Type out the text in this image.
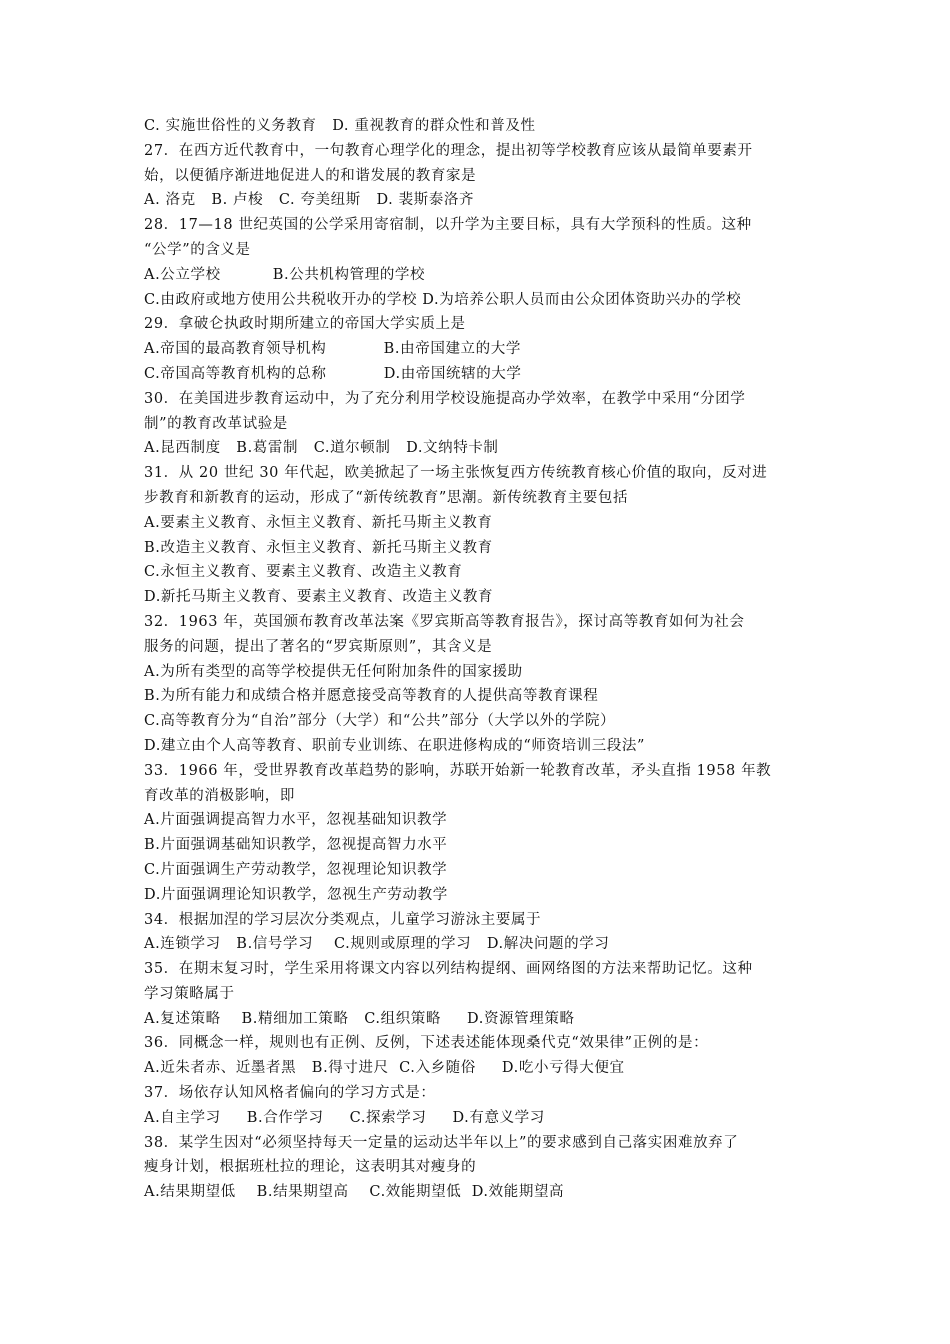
C. 实施世俗性的义务教育   D. 重视教育的群众性和普及性
27．在西方近代教育中，一句教育心理学化的理念，提出初等学校教育应该从最简单要素开
始，以便循序渐进地促进人的和谐发展的教育家是
A. 洛克   B. 卢梭   C. 夸美纽斯   D. 裴斯泰洛齐
28．17—18 世纪英国的公学采用寄宿制，以升学为主要目标，具有大学预科的性质。这种
“公学”的含义是
A.公立学校          B.公共机构管理的学校
C.由政府或地方使用公共税收开办的学校 D.为培养公职人员而由公众团体资助兴办的学校
29．拿破仑执政时期所建立的帝国大学实质上是
A.帝国的最高教育领导机构           B.由帝国建立的大学
C.帝国高等教育机构的总称           D.由帝国统辖的大学
30．在美国进步教育运动中，为了充分利用学校设施提高办学效率，在教学中采用“分团学
制”的教育改革试验是
A.昆西制度   B.葛雷制   C.道尔顿制   D.文纳特卡制
31．从 20 世纪 30 年代起，欧美掀起了一场主张恢复西方传统教育核心价值的取向，反对进
步教育和新教育的运动，形成了“新传统教育”思潮。新传统教育主要包括
A.要素主义教育、永恒主义教育、新托马斯主义教育
B.改造主义教育、永恒主义教育、新托马斯主义教育
C.永恒主义教育、要素主义教育、改造主义教育
D.新托马斯主义教育、要素主义教育、改造主义教育
32．1963 年，英国颁布教育改革法案《罗宾斯高等教育报告》，探讨高等教育如何为社会
服务的问题，提出了著名的“罗宾斯原则”，其含义是
A.为所有类型的高等学校提供无任何附加条件的国家援助
B.为所有能力和成绩合格并愿意接受高等教育的人提供高等教育课程
C.高等教育分为“自治”部分（大学）和“公共”部分（大学以外的学院）
D.建立由个人高等教育、职前专业训练、在职进修构成的“师资培训三段法”
33．1966 年，受世界教育改革趋势的影响，苏联开始新一轮教育改革，矛头直指 1958 年教
育改革的消极影响，即
A.片面强调提高智力水平，忽视基础知识教学
B.片面强调基础知识教学，忽视提高智力水平
C.片面强调生产劳动教学，忽视理论知识教学
D.片面强调理论知识教学，忽视生产劳动教学
34．根据加涅的学习层次分类观点，儿童学习游泳主要属于
A.连锁学习   B.信号学习    C.规则或原理的学习   D.解决问题的学习
35．在期末复习时，学生采用将课文内容以列结构提纲、画网络图的方法来帮助记忆。这种
学习策略属于
A.复述策略    B.精细加工策略   C.组织策略     D.资源管理策略
36．同概念一样，规则也有正例、反例，下述表述能体现桑代克“效果律”正例的是：
A.近朱者赤、近墨者黑   B.得寸进尺  C.入乡随俗     D.吃小亏得大便宜
37．场依存认知风格者偏向的学习方式是：
A.自主学习     B.合作学习     C.探索学习     D.有意义学习
38．某学生因对“必须坚持每天一定量的运动达半年以上”的要求感到自己落实困难放弃了
瘦身计划，根据班杜拉的理论，这表明其对瘦身的
A.结果期望低    B.结果期望高    C.效能期望低  D.效能期望高
